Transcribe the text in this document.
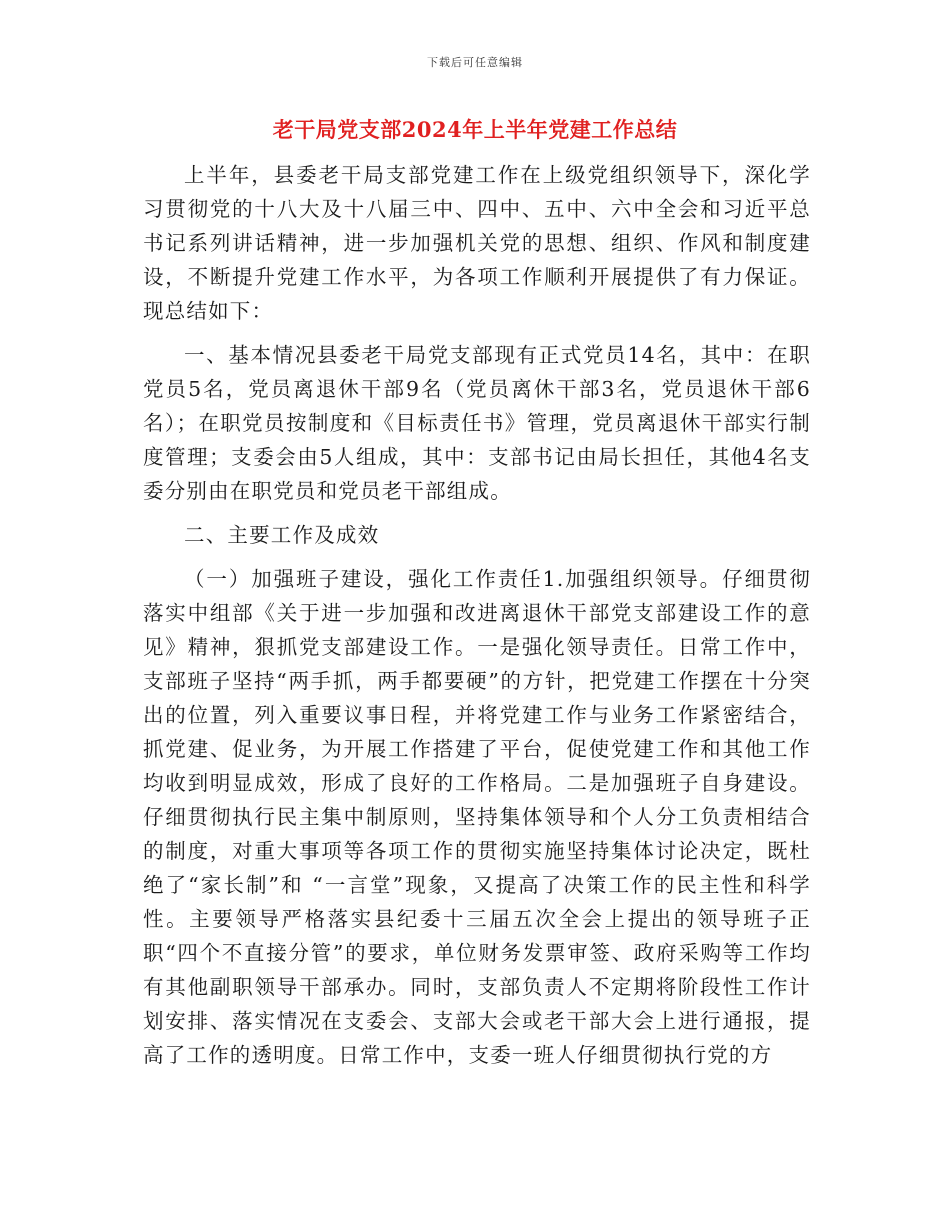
下载后可任意编辑
老干局党支部2024年上半年党建工作总结

上半年，县委老干局支部党建工作在上级党组织领导下，深化学习贯彻党的十八大及十八届三中、四中、五中、六中全会和习近平总书记系列讲话精神，进一步加强机关党的思想、组织、作风和制度建设，不断提升党建工作水平，为各项工作顺利开展提供了有力保证。现总结如下：

一、基本情况县委老干局党支部现有正式党员14名，其中：在职党员5名，党员离退休干部9名（党员离休干部3名，党员退休干部6名）；在职党员按制度和《目标责任书》管理，党员离退休干部实行制度管理；支委会由5人组成，其中：支部书记由局长担任，其他4名支委分别由在职党员和党员老干部组成。

二、主要工作及成效

（一）加强班子建设，强化工作责任1.加强组织领导。仔细贯彻落实中组部《关于进一步加强和改进离退休干部党支部建设工作的意见》精神，狠抓党支部建设工作。一是强化领导责任。日常工作中，支部班子坚持“两手抓，两手都要硬”的方针，把党建工作摆在十分突出的位置，列入重要议事日程，并将党建工作与业务工作紧密结合，抓党建、促业务，为开展工作搭建了平台，促使党建工作和其他工作均收到明显成效，形成了良好的工作格局。二是加强班子自身建设。仔细贯彻执行民主集中制原则，坚持集体领导和个人分工负责相结合的制度，对重大事项等各项工作的贯彻实施坚持集体讨论决定，既杜绝了“家长制”和 “一言堂”现象，又提高了决策工作的民主性和科学性。主要领导严格落实县纪委十三届五次全会上提出的领导班子正职“四个不直接分管”的要求，单位财务发票审签、政府采购等工作均有其他副职领导干部承办。同时，支部负责人不定期将阶段性工作计划安排、落实情况在支委会、支部大会或老干部大会上进行通报，提高了工作的透明度。日常工作中，支委一班人仔细贯彻执行党的方
